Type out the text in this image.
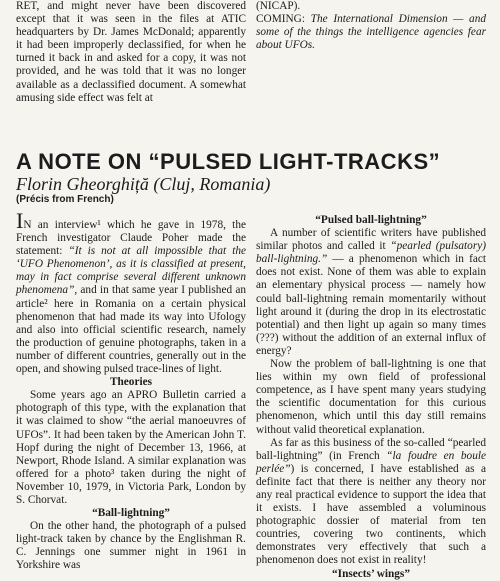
RET, and might never have been discovered except that it was seen in the files at ATIC headquarters by Dr. James McDonald; apparently it had been improperly declassified, for when he turned it back in and asked for a copy, it was not provided, and he was told that it was no longer available as a declassified document. A somewhat amusing side effect was felt at

(NICAP).

COMING: The International Dimension — and some of the things the intelligence agencies fear about UFOs.

A NOTE ON “PULSED LIGHT-TRACKS”

Florin Gheorghiță (Cluj, Romania)

(Précis from French)

IN an interview¹ which he gave in 1978, the French investigator Claude Poher made the statement: “It is not at all impossible that the ‘UFO Phenomenon’, as it is classified at present, may in fact comprise several different unknown phenomena”, and in that same year I published an article² here in Romania on a certain physical phenomenon that had made its way into Ufology and also into official scientific research, namely the production of genuine photographs, taken in a number of different countries, generally out in the open, and showing pulsed trace-lines of light.

Theories

Some years ago an APRO Bulletin carried a photograph of this type, with the explanation that it was claimed to show “the aerial manoeuvres of UFOs”. It had been taken by the American John T. Hopf during the night of December 13, 1966, at Newport, Rhode Island. A similar explanation was offered for a photo³ taken during the night of November 10, 1979, in Victoria Park, London by S. Chorvat.

“Ball-lightning”

On the other hand, the photograph of a pulsed light-track taken by chance by the Englishman R. C. Jennings one summer night in 1961 in Yorkshire was

“Pulsed ball-lightning”

A number of scientific writers have published similar photos and called it “pearled (pulsatory) ball-lightning.” — a phenomenon which in fact does not exist. None of them was able to explain an elementary physical process — namely how could ball-lightning remain momentarily without light around it (during the drop in its electrostatic potential) and then light up again so many times (???) without the addition of an external influx of energy?

Now the problem of ball-lightning is one that lies within my own field of professional competence, as I have spent many years studying the scientific documentation for this curious phenomenon, which until this day still remains without valid theoretical explanation.

As far as this business of the so-called “pearled ball-lightning” (in French “la foudre en boule perlée”) is concerned, I have established as a definite fact that there is neither any theory nor any real practical evidence to support the idea that it exists. I have assembled a voluminous photographic dossier of material from ten countries, covering two continents, which demonstrates very effectively that such a phenomenon does not exist in reality!

“Insects’ wings”
